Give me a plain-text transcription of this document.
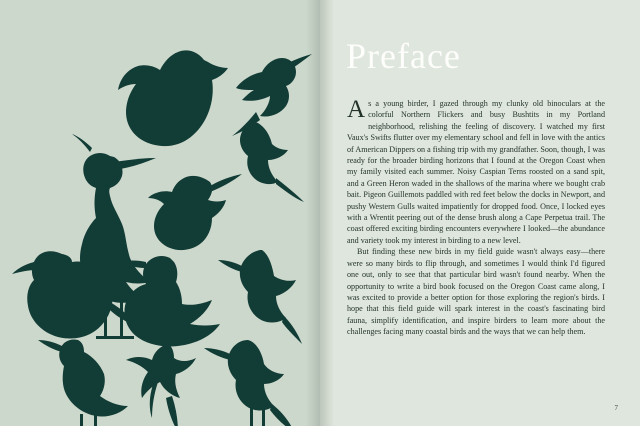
Preface

As a young birder, I gazed through my clunky old binoculars at the colorful Northern Flickers and busy Bushtits in my Portland neighborhood, relishing the feeling of discovery. I watched my first Vaux's Swifts flutter over my elementary school and fell in love with the antics of American Dippers on a fishing trip with my grandfather. Soon, though, I was ready for the broader birding horizons that I found at the Oregon Coast when my family visited each summer. Noisy Caspian Terns roosted on a sand spit, and a Green Heron waded in the shallows of the marina where we bought crab bait. Pigeon Guillemots paddled with red feet below the docks in Newport, and pushy Western Gulls waited impatiently for dropped food. Once, I locked eyes with a Wrentit peering out of the dense brush along a Cape Perpetua trail. The coast offered exciting birding encounters everywhere I looked—the abundance and variety took my interest in birding to a new level.

But finding these new birds in my field guide wasn't always easy—there were so many birds to flip through, and sometimes I would think I'd figured one out, only to see that that particular bird wasn't found nearby. When the opportunity to write a bird book focused on the Oregon Coast came along, I was excited to provide a better option for those exploring the region's birds. I hope that this field guide will spark interest in the coast's fascinating bird fauna, simplify identification, and inspire birders to learn more about the challenges facing many coastal birds and the ways that we can help them.

7
